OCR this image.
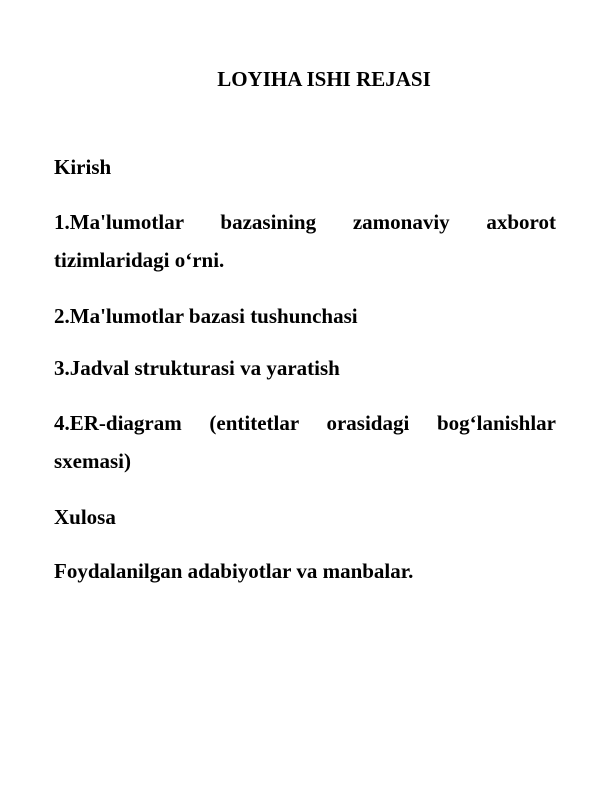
LOYIHA ISHI REJASI
Kirish
1.Ma'lumotlar bazasining zamonaviy axborot tizimlaridagi o‘rni.
2.Ma'lumotlar bazasi tushunchasi
3.Jadval strukturasi va yaratish
4.ER-diagram (entitetlar orasidagi bog‘lanishlar sxemasi)
Xulosa
Foydalanilgan adabiyotlar va manbalar.
